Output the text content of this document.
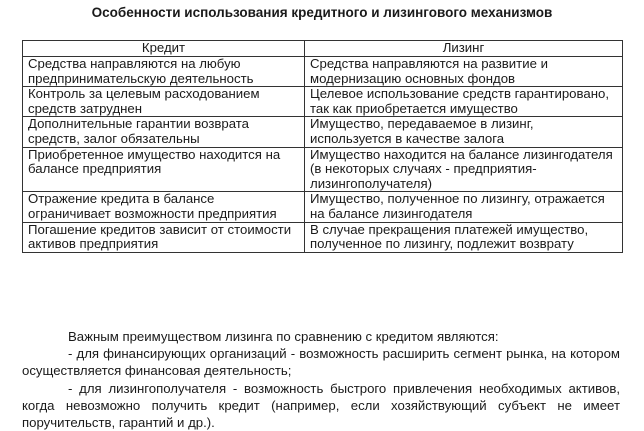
Особенности использования кредитного и лизингового механизмов
Кредит	Лизинг
Средства направляются на любую предпринимательскую деятельность	Средства направляются на развитие и модернизацию основных фондов
Контроль за целевым расходованием средств затруднен	Целевое использование средств гарантировано, так как приобретается имущество
Дополнительные гарантии возврата средств, залог обязательны	Имущество, передаваемое в лизинг, используется в качестве залога
Приобретенное имущество находится на балансе предприятия	Имущество находится на балансе лизингодателя (в некоторых случаях - предприятия-лизингополучателя)
Отражение кредита в балансе ограничивает возможности предприятия	Имущество, полученное по лизингу, отражается на балансе лизингодателя
Погашение кредитов зависит от стоимости активов предприятия	В случае прекращения платежей имущество, полученное по лизингу, подлежит возврату

Важным преимуществом лизинга по сравнению с кредитом являются:

- для финансирующих организаций - возможность расширить сегмент рынка, на котором осуществляется финансовая деятельность;

- для лизингополучателя - возможность быстрого привлечения необходимых активов, когда невозможно получить кредит (например, если хозяйствующий субъект не имеет поручительств, гарантий и др.).
